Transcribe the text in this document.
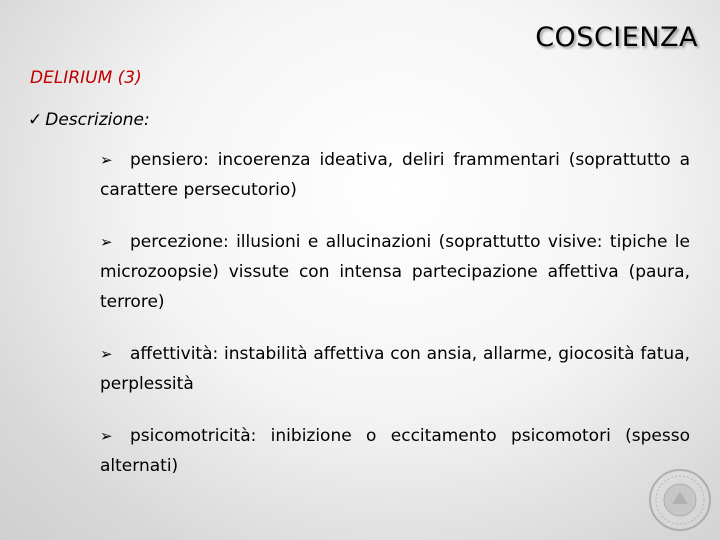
COSCIENZA
DELIRIUM (3)
✓ Descrizione:
➢ pensiero: incoerenza ideativa, deliri frammentari (soprattutto a carattere persecutorio)
➢ percezione: illusioni e allucinazioni (soprattutto visive: tipiche le microzoopsie) vissute con intensa partecipazione affettiva (paura, terrore)
➢ affettività: instabilità affettiva con ansia, allarme, giocosità fatua, perplessità
➢ psicomotricità: inibizione o eccitamento psicomotori (spesso alternati)
